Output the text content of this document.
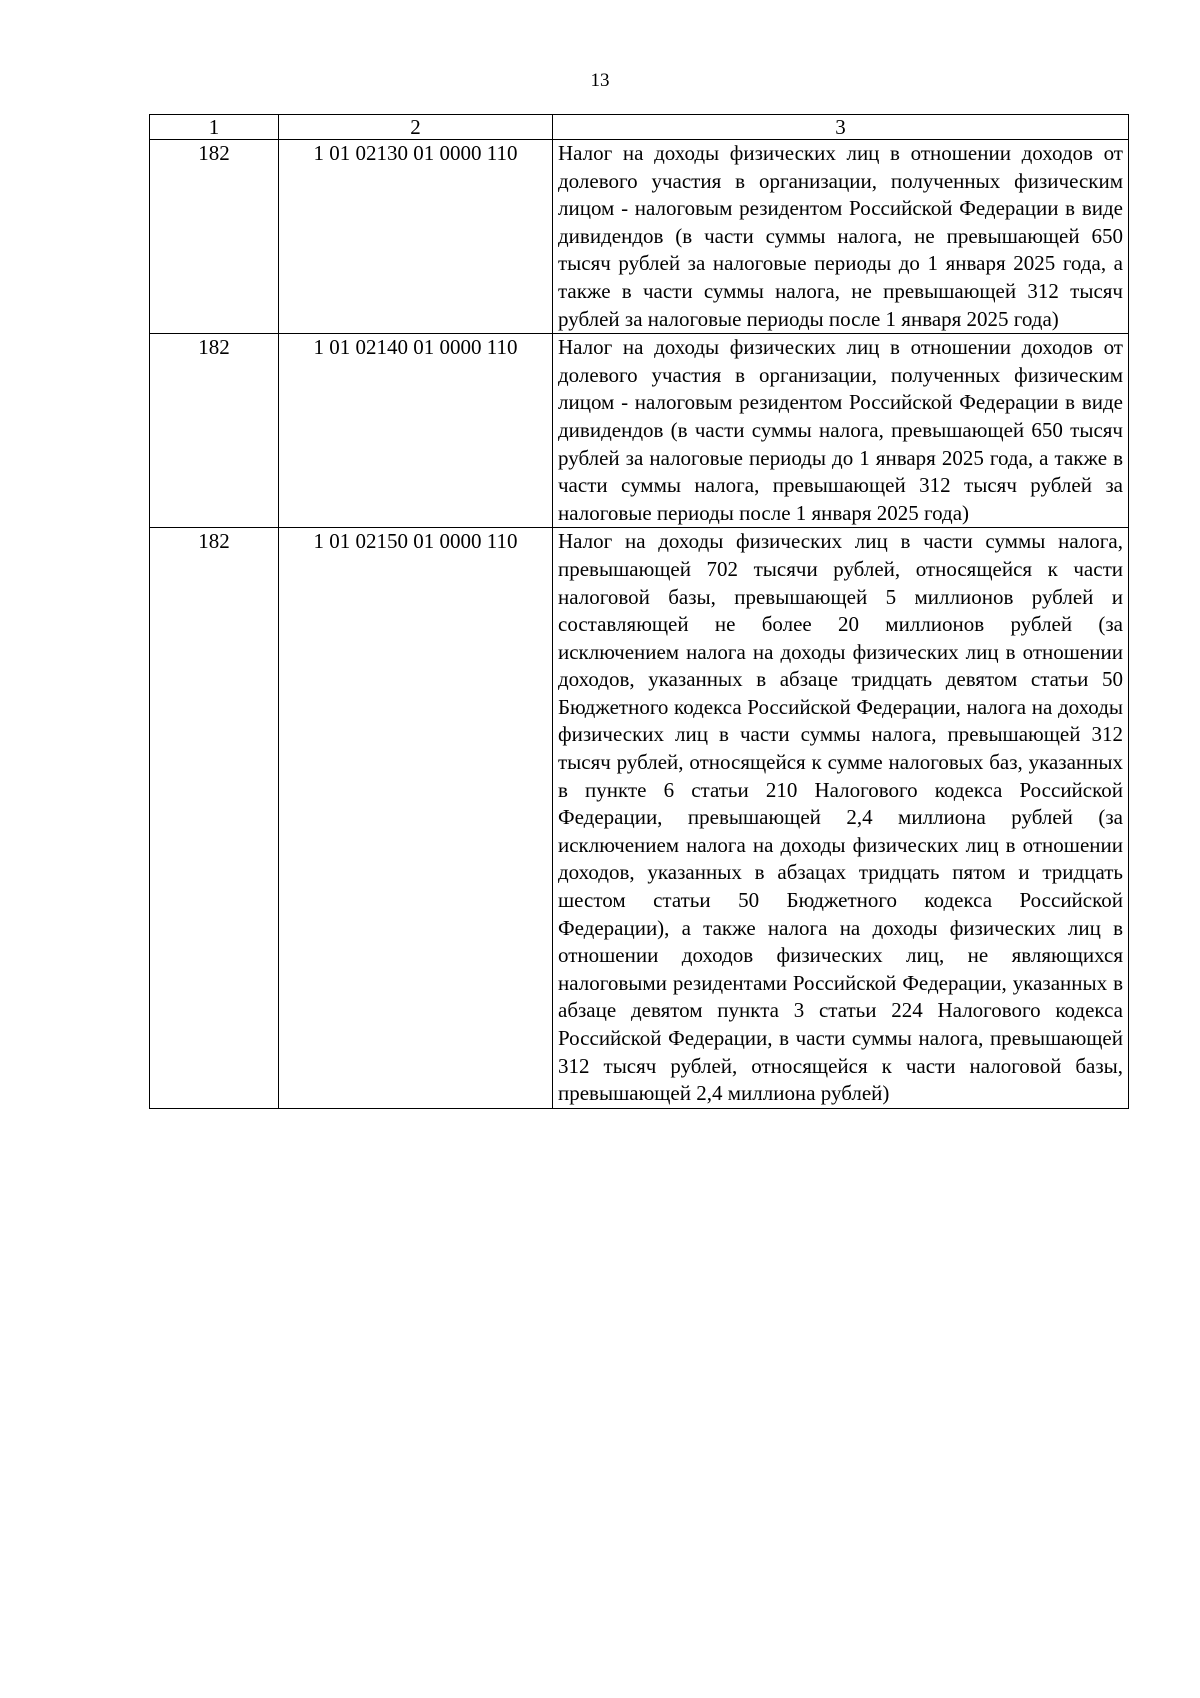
13
1	2	3
182	1 01 02130 01 0000 110	Налог на доходы физических лиц в отношении доходов от долевого участия в организации, полученных физическим лицом - налоговым резидентом Российской Федерации в виде дивидендов (в части суммы налога, не превышающей 650 тысяч рублей за налоговые периоды до 1 января 2025 года, а также в части суммы налога, не превышающей 312 тысяч рублей за налоговые периоды после 1 января 2025 года)
182	1 01 02140 01 0000 110	Налог на доходы физических лиц в отношении доходов от долевого участия в организации, полученных физическим лицом - налоговым резидентом Российской Федерации в виде дивидендов (в части суммы налога, превышающей 650 тысяч рублей за налоговые периоды до 1 января 2025 года, а также в части суммы налога, превышающей 312 тысяч рублей за налоговые периоды после 1 января 2025 года)
182	1 01 02150 01 0000 110	Налог на доходы физических лиц в части суммы налога, превышающей 702 тысячи рублей, относящейся к части налоговой базы, превышающей 5 миллионов рублей и составляющей не более 20 миллионов рублей (за исключением налога на доходы физических лиц в отношении доходов, указанных в абзаце тридцать девятом статьи 50 Бюджетного кодекса Российской Федерации, налога на доходы физических лиц в части суммы налога, превышающей 312 тысяч рублей, относящейся к сумме налоговых баз, указанных в пункте 6 статьи 210 Налогового кодекса Российской Федерации, превышающей 2,4 миллиона рублей (за исключением налога на доходы физических лиц в отношении доходов, указанных в абзацах тридцать пятом и тридцать шестом статьи 50 Бюджетного кодекса Российской Федерации), а также налога на доходы физических лиц в отношении доходов физических лиц, не являющихся налоговыми резидентами Российской Федерации, указанных в абзаце девятом пункта 3 статьи 224 Налогового кодекса Российской Федерации, в части суммы налога, превышающей 312 тысяч рублей, относящейся к части налоговой базы, превышающей 2,4 миллиона рублей)
